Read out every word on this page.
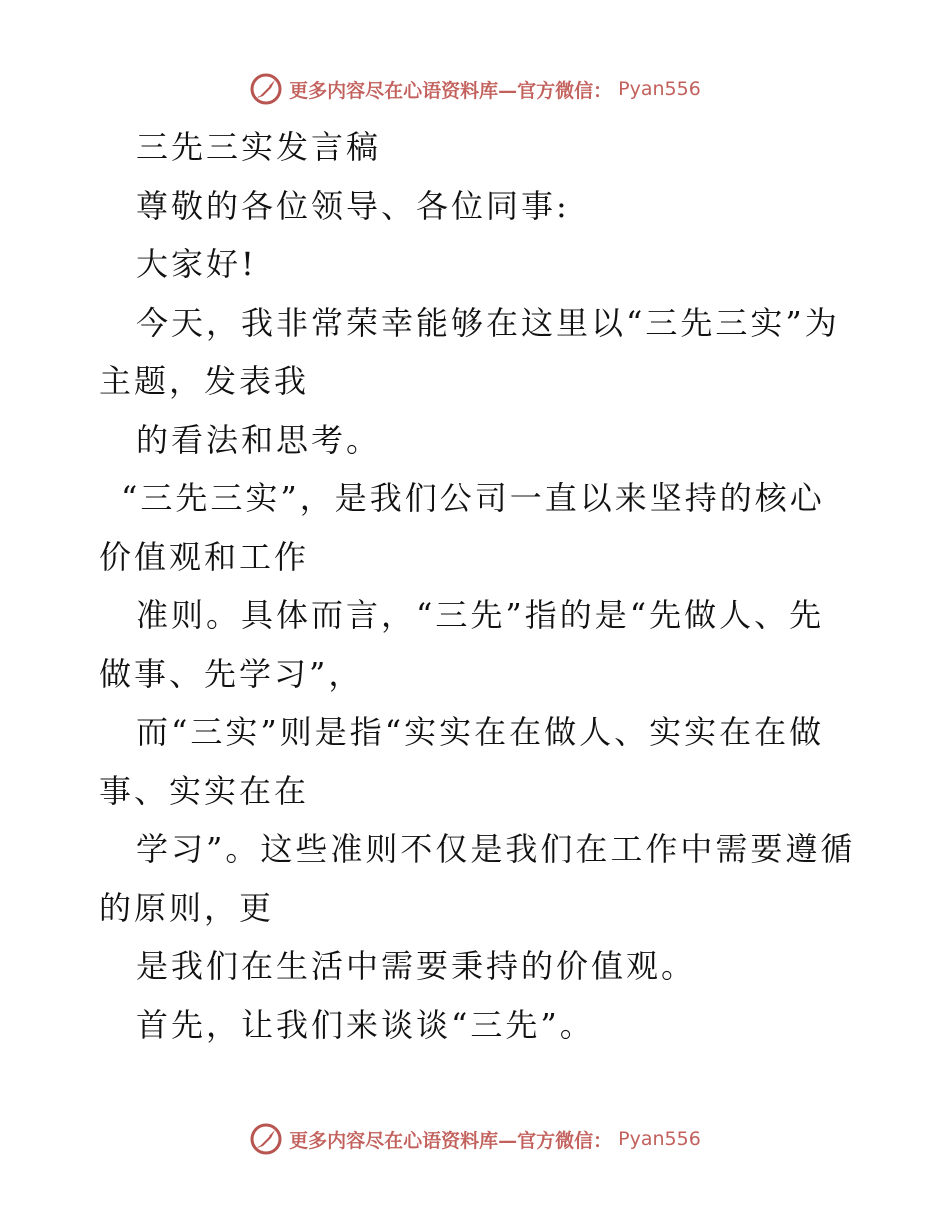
更多内容尽在心语资料库—官方微信： Pyan556
三先三实发言稿
尊敬的各位领导、各位同事:
大家好!
今天，我非常荣幸能够在这里以“三先三实”为
主题，发表我
的看法和思考。
“三先三实”，是我们公司一直以来坚持的核心
价值观和工作
准则。具体而言，“三先”指的是“先做人、先
做事、先学习”，
而“三实”则是指“实实在在做人、实实在在做
事、实实在在
学习”。这些准则不仅是我们在工作中需要遵循
的原则，更
是我们在生活中需要秉持的价值观。
首先，让我们来谈谈“三先”。
更多内容尽在心语资料库—官方微信： Pyan556
